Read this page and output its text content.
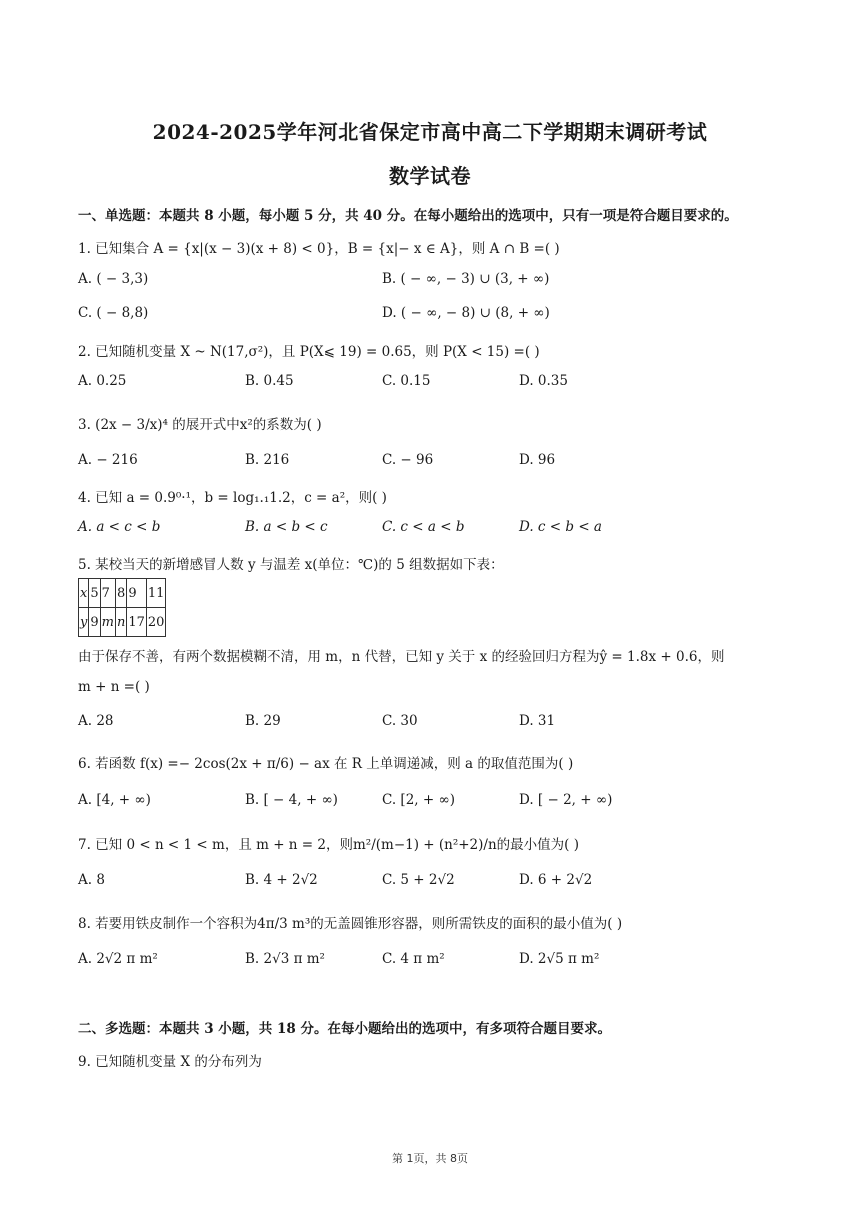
2024-2025学年河北省保定市高中高二下学期期末调研考试
数学试卷
一、单选题：本题共 8 小题，每小题 5 分，共 40 分。在每小题给出的选项中，只有一项是符合题目要求的。
1. 已知集合 A = {x|(x − 3)(x + 8) < 0}，B = {x|− x ∈ A}，则 A ∩ B =( )
A. ( − 3,3)	B. ( − ∞, − 3) ∪ (3, + ∞)
C. ( − 8,8)	D. ( − ∞, − 8) ∪ (8, + ∞)
2. 已知随机变量 X ~ N(17,σ²)，且 P(X⩽ 19) = 0.65，则 P(X < 15) =( )
A. 0.25	B. 0.45	C. 0.15	D. 0.35
3. (2x − 3/x)⁴ 的展开式中x²的系数为( )
A. − 216	B. 216	C. − 96	D. 96
4. 已知 a = 0.9⁰·¹，b = log₁.₁1.2，c = a²，则( )
A. a < c < b	B. a < b < c	C. c < a < b	D. c < b < a
5. 某校当天的新增感冒人数 y 与温差 x(单位：℃)的 5 组数据如下表：
x	5	7	8	9	11
y	9	m	n	17	20
由于保存不善，有两个数据模糊不清，用 m，n 代替，已知 y 关于 x 的经验回归方程为ŷ = 1.8x + 0.6，则
m + n =( )
A. 28	B. 29	C. 30	D. 31
6. 若函数 f(x) =− 2cos(2x + π/6) − ax 在 R 上单调递减，则 a 的取值范围为( )
A. [4, + ∞)	B. [ − 4, + ∞)	C. [2, + ∞)	D. [ − 2, + ∞)
7. 已知 0 < n < 1 < m，且 m + n = 2，则m²/(m−1) + (n²+2)/n的最小值为( )
A. 8	B. 4 + 2√2	C. 5 + 2√2	D. 6 + 2√2
8. 若要用铁皮制作一个容积为4π/3 m³的无盖圆锥形容器，则所需铁皮的面积的最小值为( )
A. 2√2 π m²	B. 2√3 π m²	C. 4 π m²	D. 2√5 π m²
二、多选题：本题共 3 小题，共 18 分。在每小题给出的选项中，有多项符合题目要求。
9. 已知随机变量 X 的分布列为
第 1页，共 8页
